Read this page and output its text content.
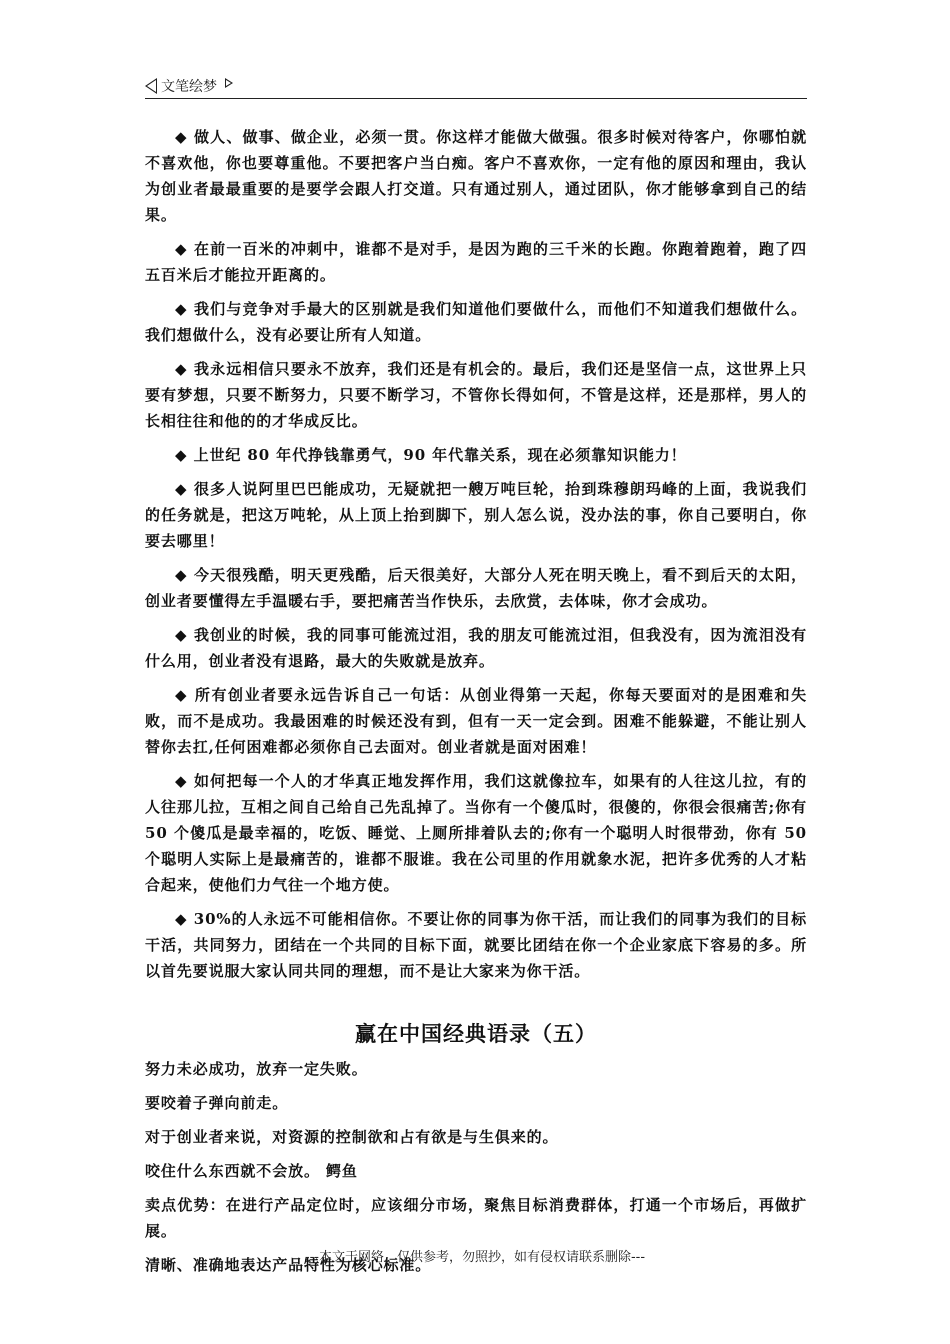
文笔绘梦

◆ 做人、做事、做企业，必须一贯。你这样才能做大做强。很多时候对待客户，你哪怕就不喜欢他，你也要尊重他。不要把客户当白痴。客户不喜欢你，一定有他的原因和理由，我认为创业者最最重要的是要学会跟人打交道。只有通过别人，通过团队，你才能够拿到自己的结果。

◆ 在前一百米的冲刺中，谁都不是对手，是因为跑的三千米的长跑。你跑着跑着，跑了四五百米后才能拉开距离的。

◆ 我们与竞争对手最大的区别就是我们知道他们要做什么，而他们不知道我们想做什么。我们想做什么，没有必要让所有人知道。

◆ 我永远相信只要永不放弃，我们还是有机会的。最后，我们还是坚信一点，这世界上只要有梦想，只要不断努力，只要不断学习，不管你长得如何，不管是这样，还是那样，男人的长相往往和他的的才华成反比。

◆ 上世纪 80 年代挣钱靠勇气，90 年代靠关系，现在必须靠知识能力！

◆ 很多人说阿里巴巴能成功，无疑就把一艘万吨巨轮，抬到珠穆朗玛峰的上面，我说我们的任务就是，把这万吨轮，从上顶上抬到脚下，别人怎么说，没办法的事，你自己要明白，你要去哪里！

◆ 今天很残酷，明天更残酷，后天很美好，大部分人死在明天晚上，看不到后天的太阳，创业者要懂得左手温暖右手，要把痛苦当作快乐，去欣赏，去体味，你才会成功。

◆ 我创业的时候，我的同事可能流过泪，我的朋友可能流过泪，但我没有，因为流泪没有什么用，创业者没有退路，最大的失败就是放弃。

◆ 所有创业者要永远告诉自己一句话：从创业得第一天起，你每天要面对的是困难和失败，而不是成功。我最困难的时候还没有到，但有一天一定会到。困难不能躲避，不能让别人替你去扛,任何困难都必须你自己去面对。创业者就是面对困难！

◆ 如何把每一个人的才华真正地发挥作用，我们这就像拉车，如果有的人往这儿拉，有的人往那儿拉，互相之间自己给自己先乱掉了。当你有一个傻瓜时，很傻的，你很会很痛苦;你有 50 个傻瓜是最幸福的，吃饭、睡觉、上厕所排着队去的;你有一个聪明人时很带劲，你有 50 个聪明人实际上是最痛苦的，谁都不服谁。我在公司里的作用就象水泥，把许多优秀的人才粘合起来，使他们力气往一个地方使。

◆ 30%的人永远不可能相信你。不要让你的同事为你干活，而让我们的同事为我们的目标干活，共同努力，团结在一个共同的目标下面，就要比团结在你一个企业家底下容易的多。所以首先要说服大家认同共同的理想，而不是让大家来为你干活。

赢在中国经典语录（五）
努力未必成功，放弃一定失败。
要咬着子弹向前走。
对于创业者来说，对资源的控制欲和占有欲是与生俱来的。
咬住什么东西就不会放。 鳄鱼
卖点优势：在进行产品定位时，应该细分市场，聚焦目标消费群体，打通一个市场后，再做扩展。
清晰、准确地表达产品特性为核心标准。
---本文于网络，仅供参考，勿照抄，如有侵权请联系删除---
